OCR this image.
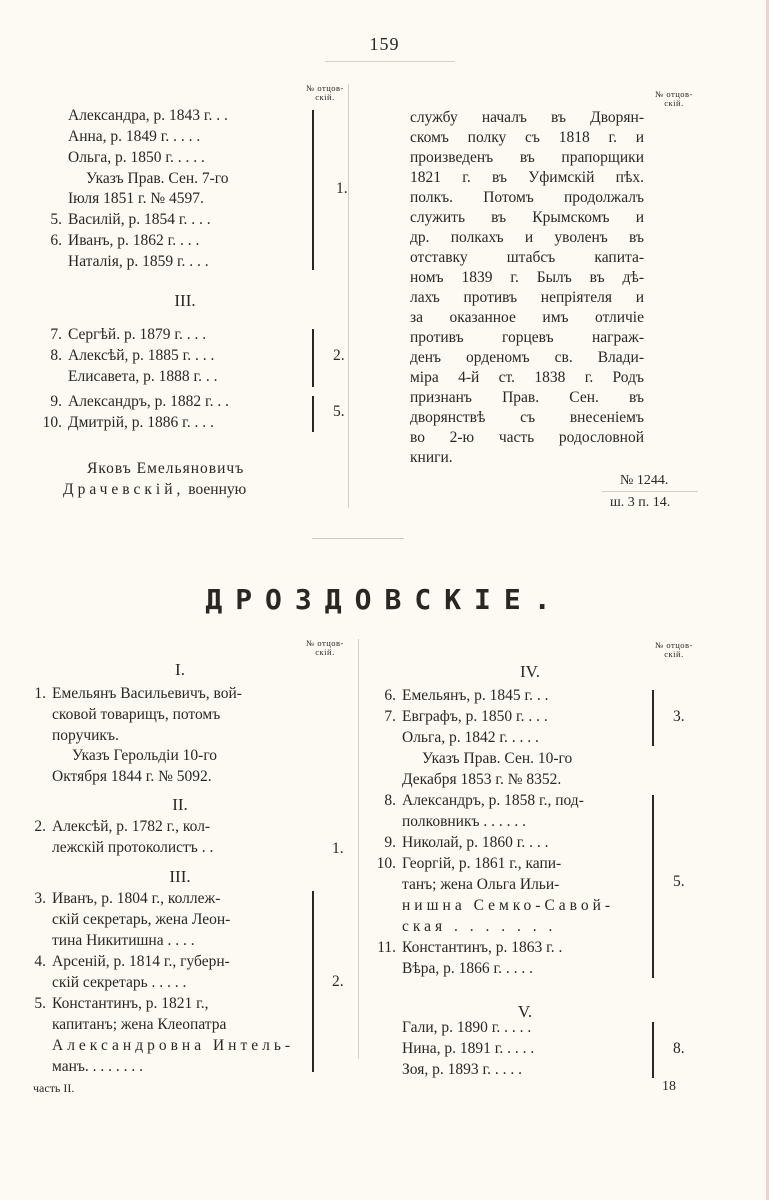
159
№ отцов-
скій.
Александра, р. 1843 г. . .
Анна, р. 1849 г. . . . .
Ольга, р. 1850 г. . . . .
Указъ Прав. Сен. 7-го
Іюля 1851 г. № 4597.
5. Василій, р. 1854 г. . . .
6. Иванъ, р. 1862 г. . . .
Наталія, р. 1859 г. . . .
1.
III.
7. Сергѣй. р. 1879 г. . . .
8. Алексѣй, р. 1885 г. . . .
Елисавета, р. 1888 г. . .
2.
9. Александръ, р. 1882 г. . .
10. Дмитрій, р. 1886 г. . . .
5.
Яковъ Емельяновичъ
Драчевскій, военную
№ отцов-
скій.
службу началъ въ Дворян-
скомъ полку съ 1818 г. и
произведенъ въ прапорщики
1821 г. въ Уфимскій пѣх.
полкъ. Потомъ продолжалъ
служить въ Крымскомъ и
др. полкахъ и уволенъ въ
отставку штабсъ капита-
номъ 1839 г. Былъ въ дѣ-
лахъ противъ непріятеля и
за оказанное имъ отличіе
противъ горцевъ награж-
денъ орденомъ св. Влади-
міра 4-й ст. 1838 г. Родъ
признанъ Прав. Сен. въ
дворянствѣ съ внесеніемъ
во 2-ю часть родословной
книги.
№ 1244.
ш. 3 п. 14.
ДРОЗДОВСКІЕ.
№ отцов-
скій.
I.
1. Емельянъ Васильевичъ, вой-
сковой товарищъ, потомъ
поручикъ.
Указъ Герольдіи 10-го
Октября 1844 г. № 5092.
II.
2. Алексѣй, р. 1782 г., кол-
лежскій протоколистъ . .	1.
III.
3. Иванъ, р. 1804 г., коллеж-
скій секретарь, жена Леон-
тина Никитишна . . . .
4. Арсеній, р. 1814 г., губерн-
скій секретарь . . . . .
5. Константинъ, р. 1821 г.,
капитанъ; жена Клеопатра
Александровна Интель-
манъ. . . . . . . .
2.
№ отцов-
скій.
IV.
6. Емельянъ, р. 1845 г. . .
7. Евграфъ, р. 1850 г. . . .
Ольга, р. 1842 г. . . . .
3.
Указъ Прав. Сен. 10-го
Декабря 1853 г. № 8352.
8. Александръ, р. 1858 г., под-
полковникъ . . . . . .
9. Николай, р. 1860 г. . . .
10. Георгій, р. 1861 г., капи-
танъ; жена Ольга Ильи-
нишна Семко-Савой-
ская . . . . . . .
11. Константинъ, р. 1863 г. .
Вѣра, р. 1866 г. . . . .
5.
V.
Гали, р. 1890 г. . . . .
Нина, р. 1891 г. . . . .
Зоя, р. 1893 г. . . . .
8.
часть II.	18
